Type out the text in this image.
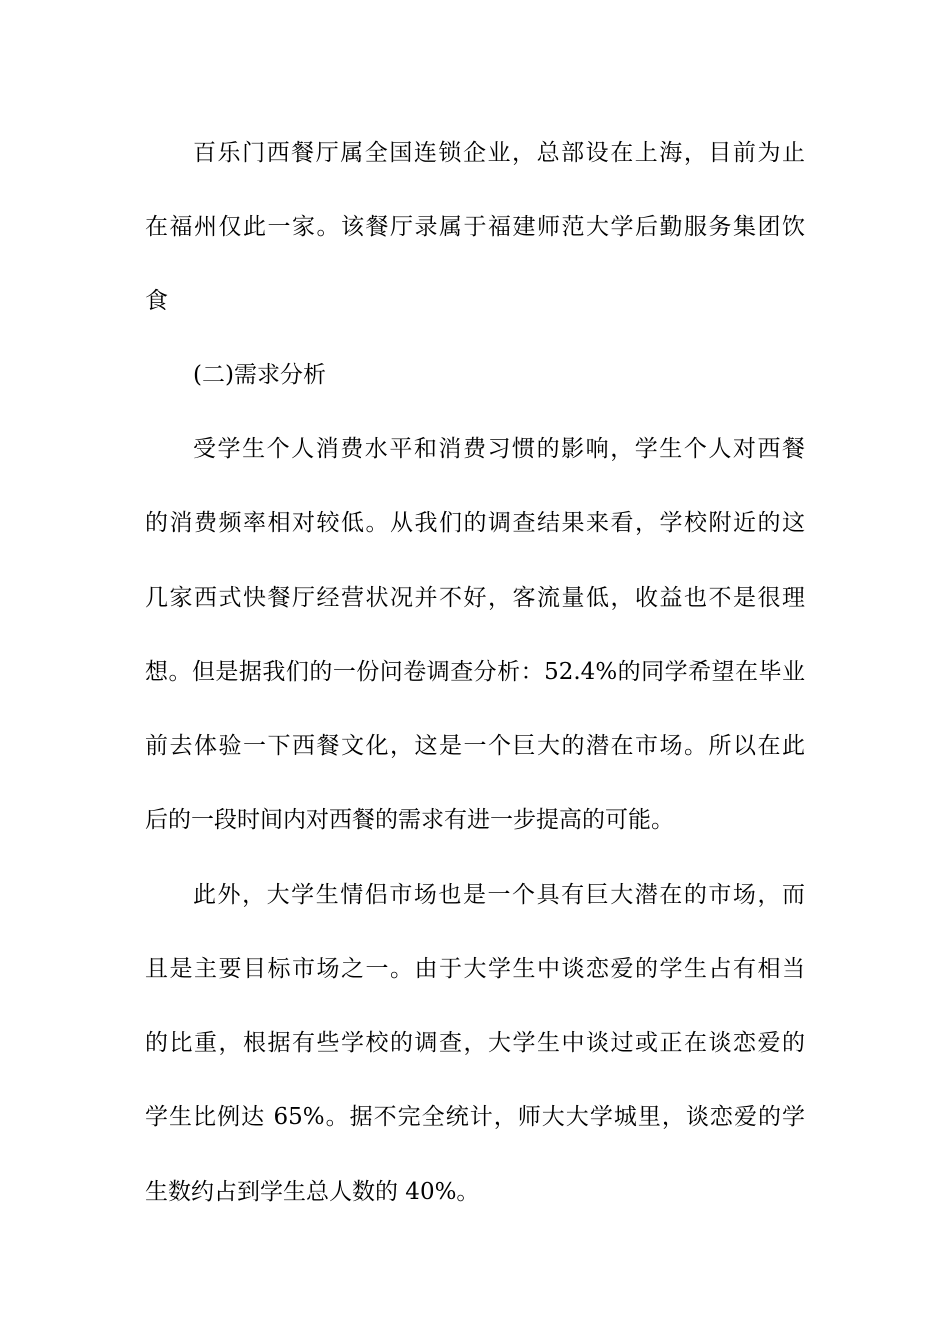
百乐门西餐厅属全国连锁企业，总部设在上海，目前为止
在福州仅此一家。该餐厅录属于福建师范大学后勤服务集团饮
食
(二)需求分析
受学生个人消费水平和消费习惯的影响，学生个人对西餐
的消费频率相对较低。从我们的调查结果来看，学校附近的这
几家西式快餐厅经营状况并不好，客流量低，收益也不是很理
想。但是据我们的一份问卷调查分析：52.4%的同学希望在毕业
前去体验一下西餐文化，这是一个巨大的潜在市场。所以在此
后的一段时间内对西餐的需求有进一步提高的可能。
此外，大学生情侣市场也是一个具有巨大潜在的市场，而
且是主要目标市场之一。由于大学生中谈恋爱的学生占有相当
的比重，根据有些学校的调查，大学生中谈过或正在谈恋爱的
学生比例达 65%。据不完全统计，师大大学城里，谈恋爱的学
生数约占到学生总人数的 40%。
